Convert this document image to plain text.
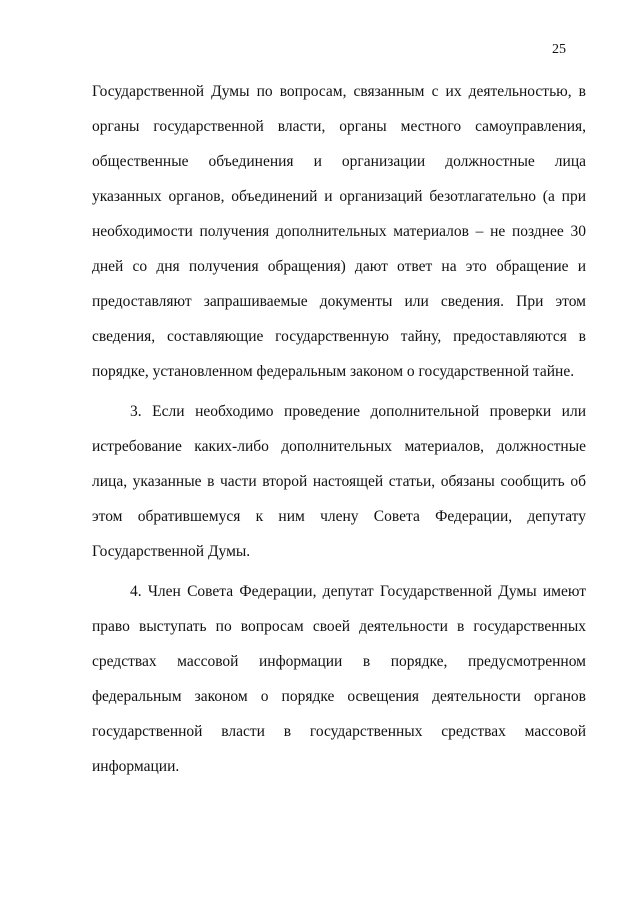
25
Государственной Думы по вопросам, связанным с их деятельностью, в
органы государственной власти, органы местного самоуправления,
общественные объединения и организации должностные лица
указанных органов, объединений и организаций безотлагательно (а при
необходимости получения дополнительных материалов – не позднее 30
дней со дня получения обращения) дают ответ на это обращение и
предоставляют запрашиваемые документы или сведения. При этом
сведения, составляющие государственную тайну, предоставляются в
порядке, установленном федеральным законом о государственной тайне.
3. Если необходимо проведение дополнительной проверки или
истребование каких-либо дополнительных материалов, должностные
лица, указанные в части второй настоящей статьи, обязаны сообщить об
этом обратившемуся к ним члену Совета Федерации, депутату
Государственной Думы.
4. Член Совета Федерации, депутат Государственной Думы имеют
право выступать по вопросам своей деятельности в государственных
средствах массовой информации в порядке, предусмотренном
федеральным законом о порядке освещения деятельности органов
государственной власти в государственных средствах массовой
информации.
